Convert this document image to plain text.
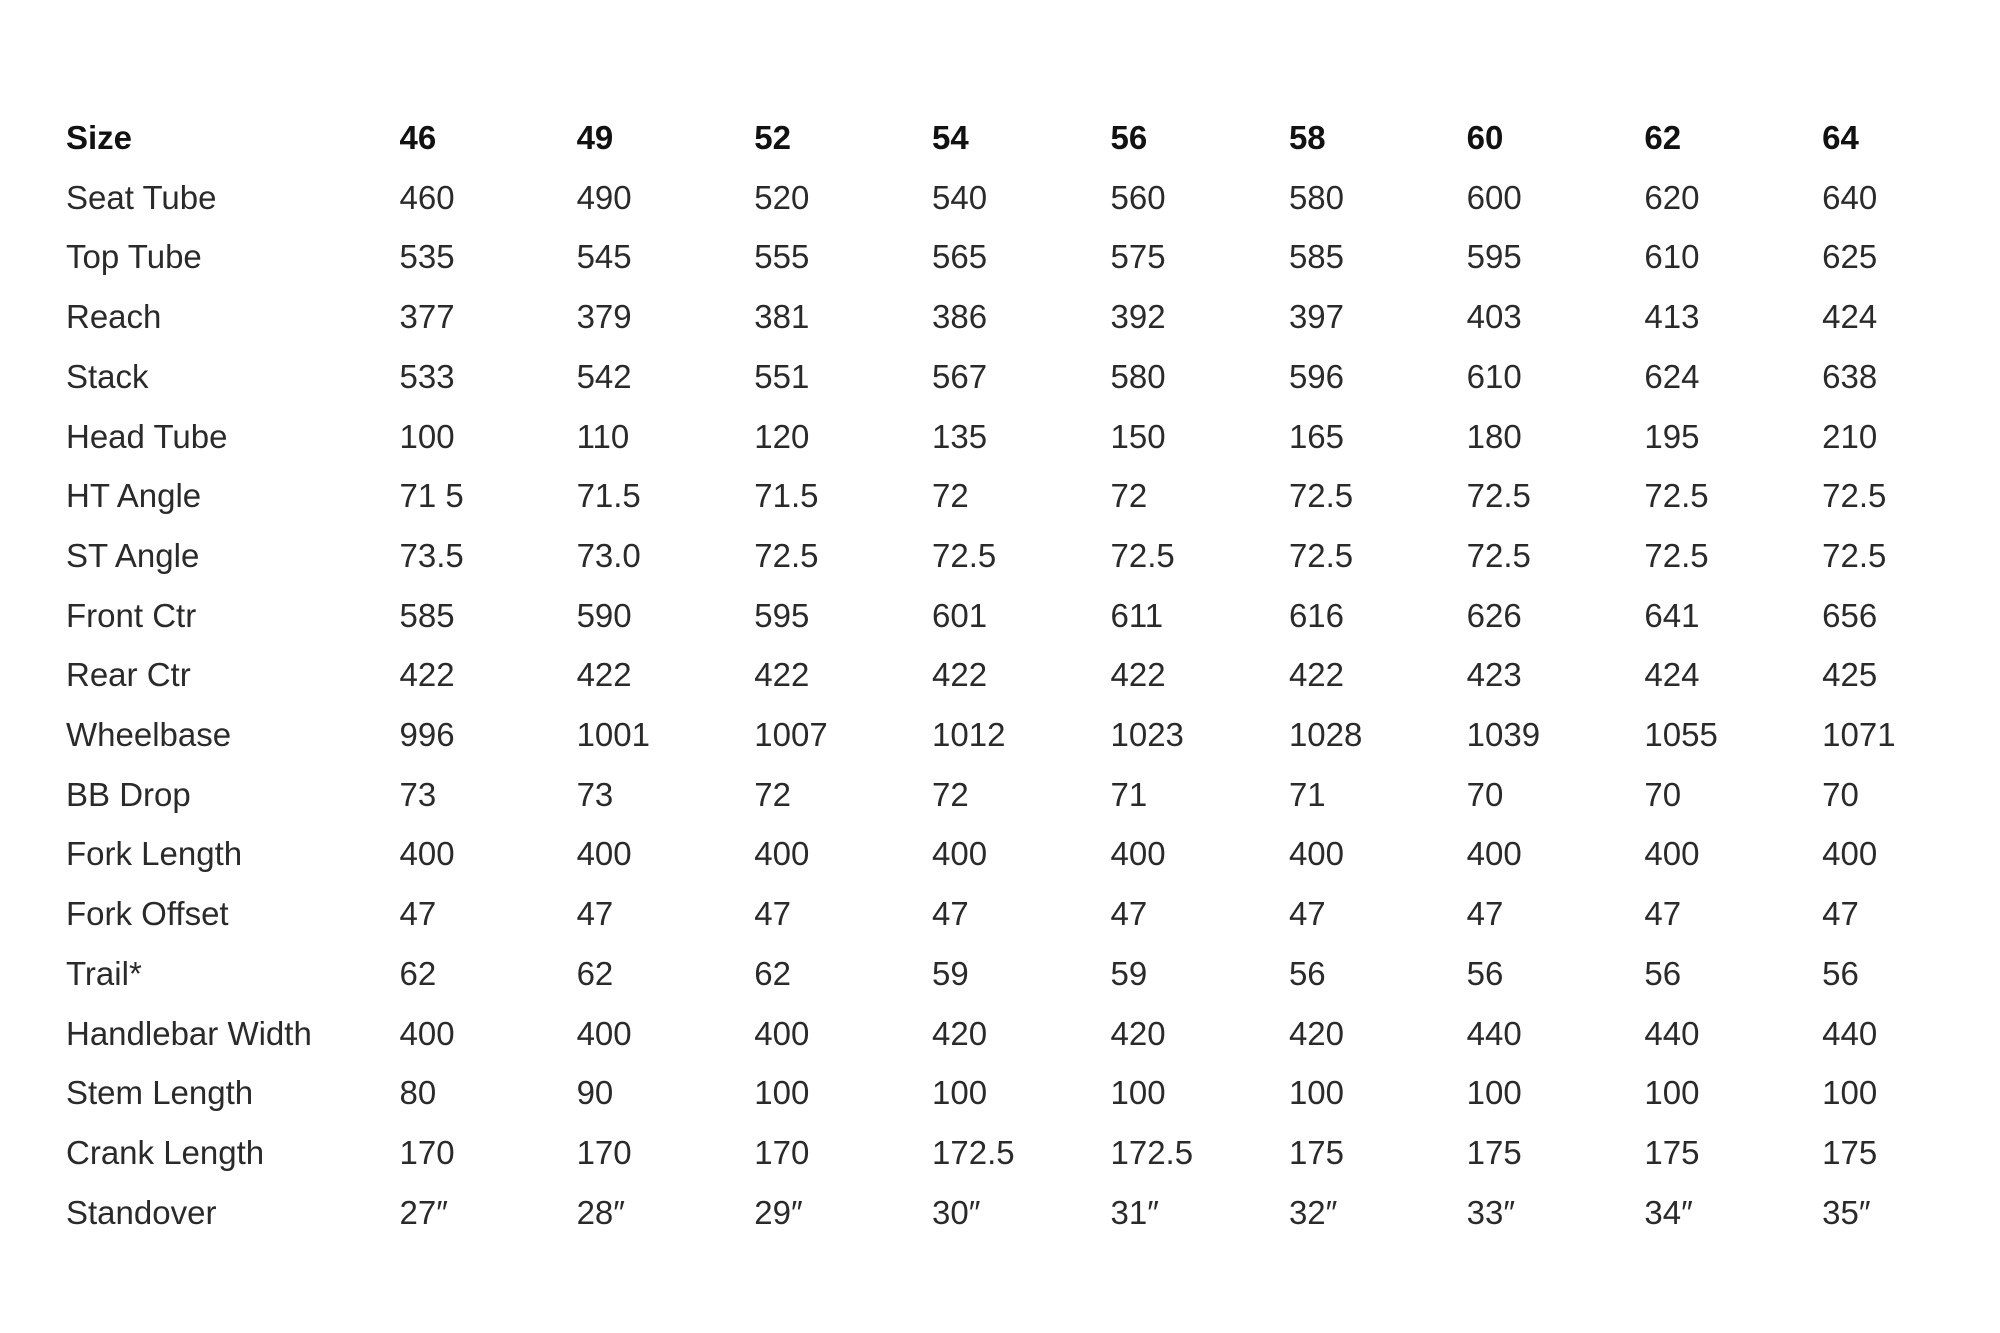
Size	46	49	52	54	56	58	60	62	64
Seat Tube	460	490	520	540	560	580	600	620	640
Top Tube	535	545	555	565	575	585	595	610	625
Reach	377	379	381	386	392	397	403	413	424
Stack	533	542	551	567	580	596	610	624	638
Head Tube	100	110	120	135	150	165	180	195	210
HT Angle	71 5	71.5	71.5	72	72	72.5	72.5	72.5	72.5
ST Angle	73.5	73.0	72.5	72.5	72.5	72.5	72.5	72.5	72.5
Front Ctr	585	590	595	601	611	616	626	641	656
Rear Ctr	422	422	422	422	422	422	423	424	425
Wheelbase	996	1001	1007	1012	1023	1028	1039	1055	1071
BB Drop	73	73	72	72	71	71	70	70	70
Fork Length	400	400	400	400	400	400	400	400	400
Fork Offset	47	47	47	47	47	47	47	47	47
Trail*	62	62	62	59	59	56	56	56	56
Handlebar Width	400	400	400	420	420	420	440	440	440
Stem Length	80	90	100	100	100	100	100	100	100
Crank Length	170	170	170	172.5	172.5	175	175	175	175
Standover	27″	28″	29″	30″	31″	32″	33″	34″	35″
